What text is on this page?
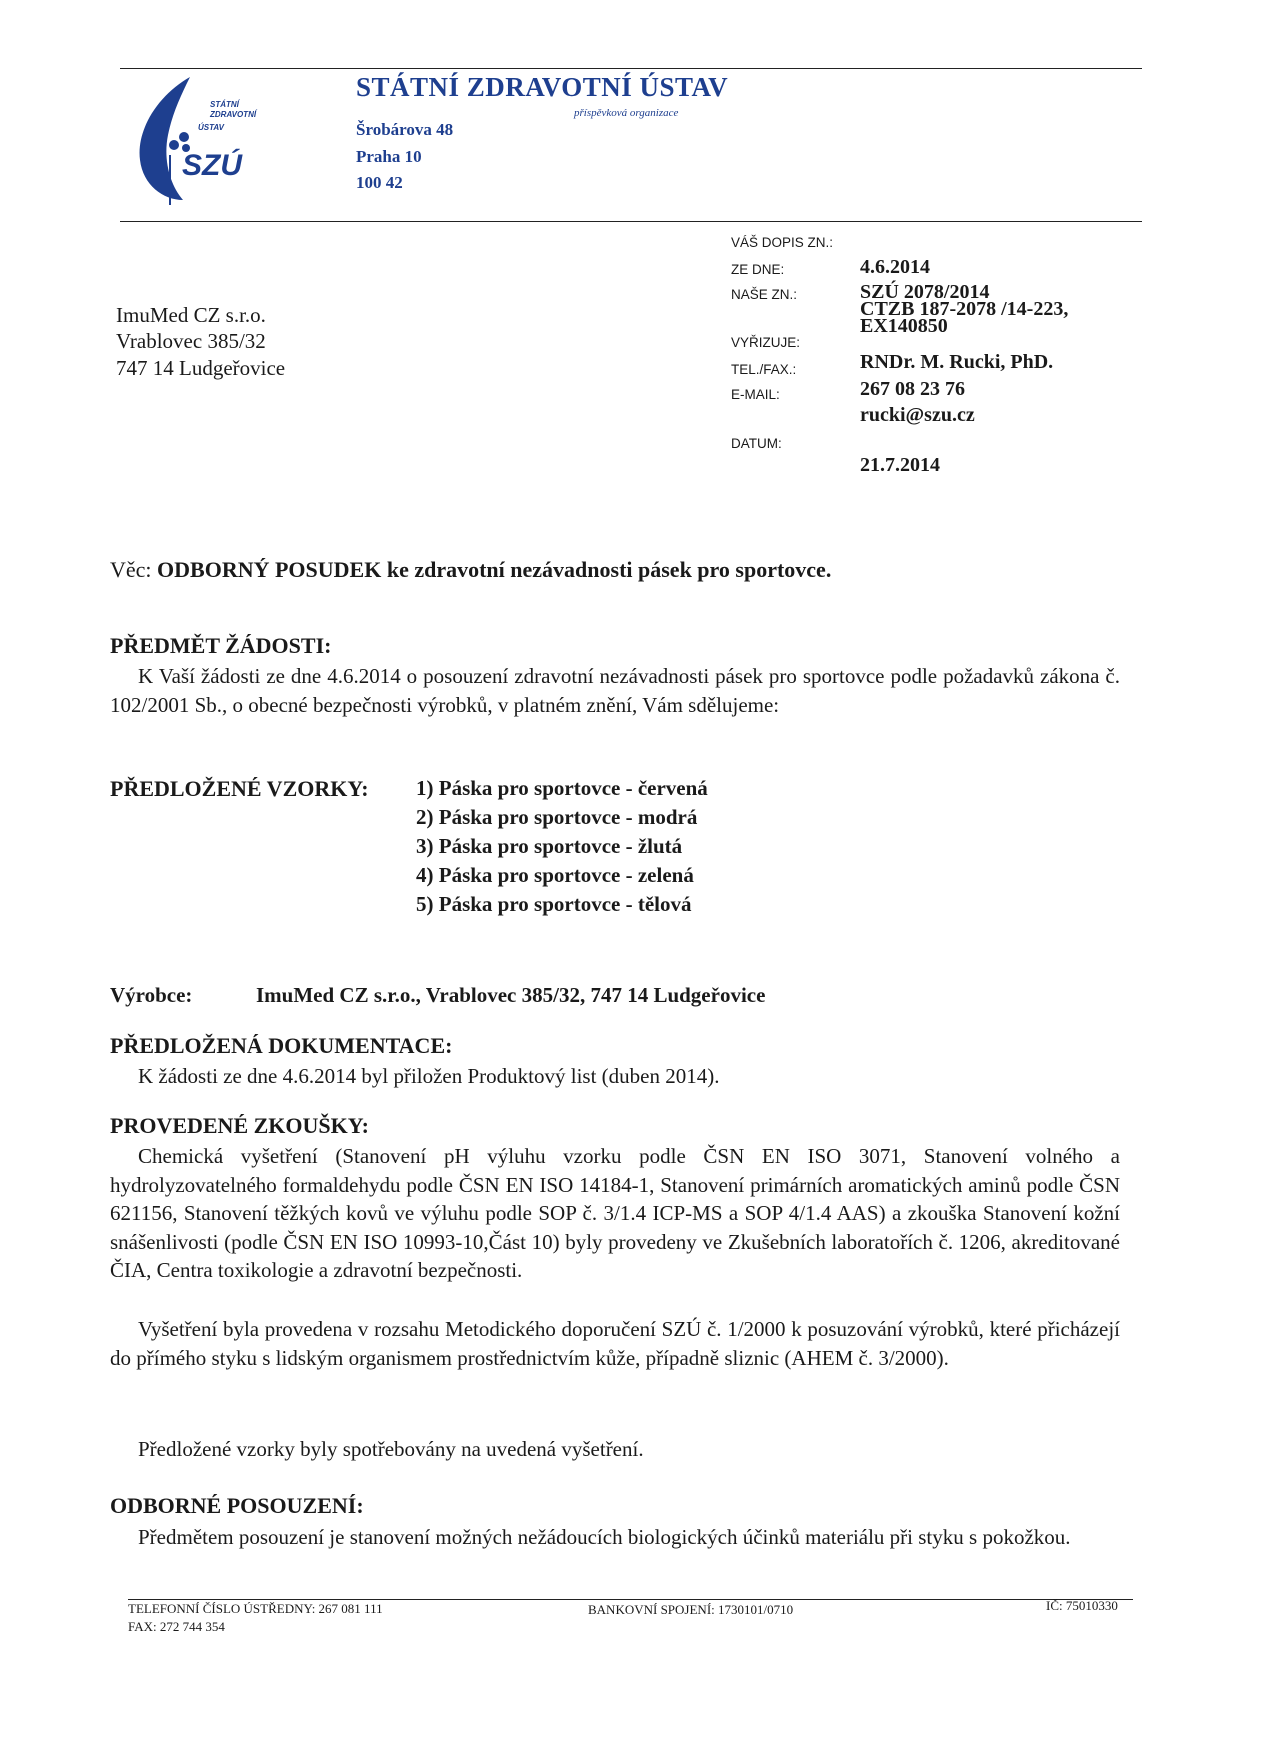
STÁTNÍ
ZDRAVOTNÍ
ÚSTAV
SZÚ
STÁTNÍ ZDRAVOTNÍ ÚSTAV
příspěvková organizace
Šrobárova 48
Praha 10
100 42
ImuMed CZ s.r.o.
Vrablovec 385/32
747 14 Ludgeřovice
VÁŠ DOPIS ZN.:
ZE DNE:
NAŠE ZN.:
VYŘIZUJE:
TEL./FAX.:
E-MAIL:
DATUM:
4.6.2014
SZÚ 2078/2014
CTZB 187-2078 /14-223,
EX140850
RNDr. M. Rucki, PhD.
267 08 23 76
rucki@szu.cz
21.7.2014
Věc: ODBORNÝ POSUDEK ke zdravotní nezávadnosti pásek pro sportovce.
PŘEDMĚT ŽÁDOSTI:
K Vaší žádosti ze dne 4.6.2014 o posouzení zdravotní nezávadnosti pásek pro sportovce podle požadavků zákona č. 102/2001 Sb., o obecné bezpečnosti výrobků, v platném znění, Vám sdělujeme:
PŘEDLOŽENÉ VZORKY: 1) Páska pro sportovce - červená
2) Páska pro sportovce - modrá
3) Páska pro sportovce - žlutá
4) Páska pro sportovce - zelená
5) Páska pro sportovce - tělová
Výrobce:	ImuMed CZ s.r.o., Vrablovec 385/32, 747 14 Ludgeřovice
PŘEDLOŽENÁ DOKUMENTACE:
K žádosti ze dne 4.6.2014 byl přiložen Produktový list (duben 2014).
PROVEDENÉ ZKOUŠKY:
Chemická vyšetření (Stanovení pH výluhu vzorku podle ČSN EN ISO 3071, Stanovení volného a hydrolyzovatelného formaldehydu podle ČSN EN ISO 14184-1, Stanovení primárních aromatických aminů podle ČSN 621156, Stanovení těžkých kovů ve výluhu podle SOP č. 3/1.4 ICP-MS a SOP 4/1.4 AAS) a zkouška Stanovení kožní snášenlivosti (podle ČSN EN ISO 10993-10,Část 10) byly provedeny ve Zkušebních laboratořích č. 1206, akreditované ČIA, Centra toxikologie a zdravotní bezpečnosti.
Vyšetření byla provedena v rozsahu Metodického doporučení SZÚ č. 1/2000 k posuzování výrobků, které přicházejí do přímého styku s lidským organismem prostřednictvím kůže, případně sliznic (AHEM č. 3/2000).
Předložené vzorky byly spotřebovány na uvedená vyšetření.
ODBORNÉ POSOUZENÍ:
Předmětem posouzení je stanovení možných nežádoucích biologických účinků materiálu při styku s pokožkou.
TELEFONNÍ ČÍSLO ÚSTŘEDNY: 267 081 111
FAX: 272 744 354
BANKOVNÍ SPOJENÍ: 1730101/0710	IČ: 75010330
